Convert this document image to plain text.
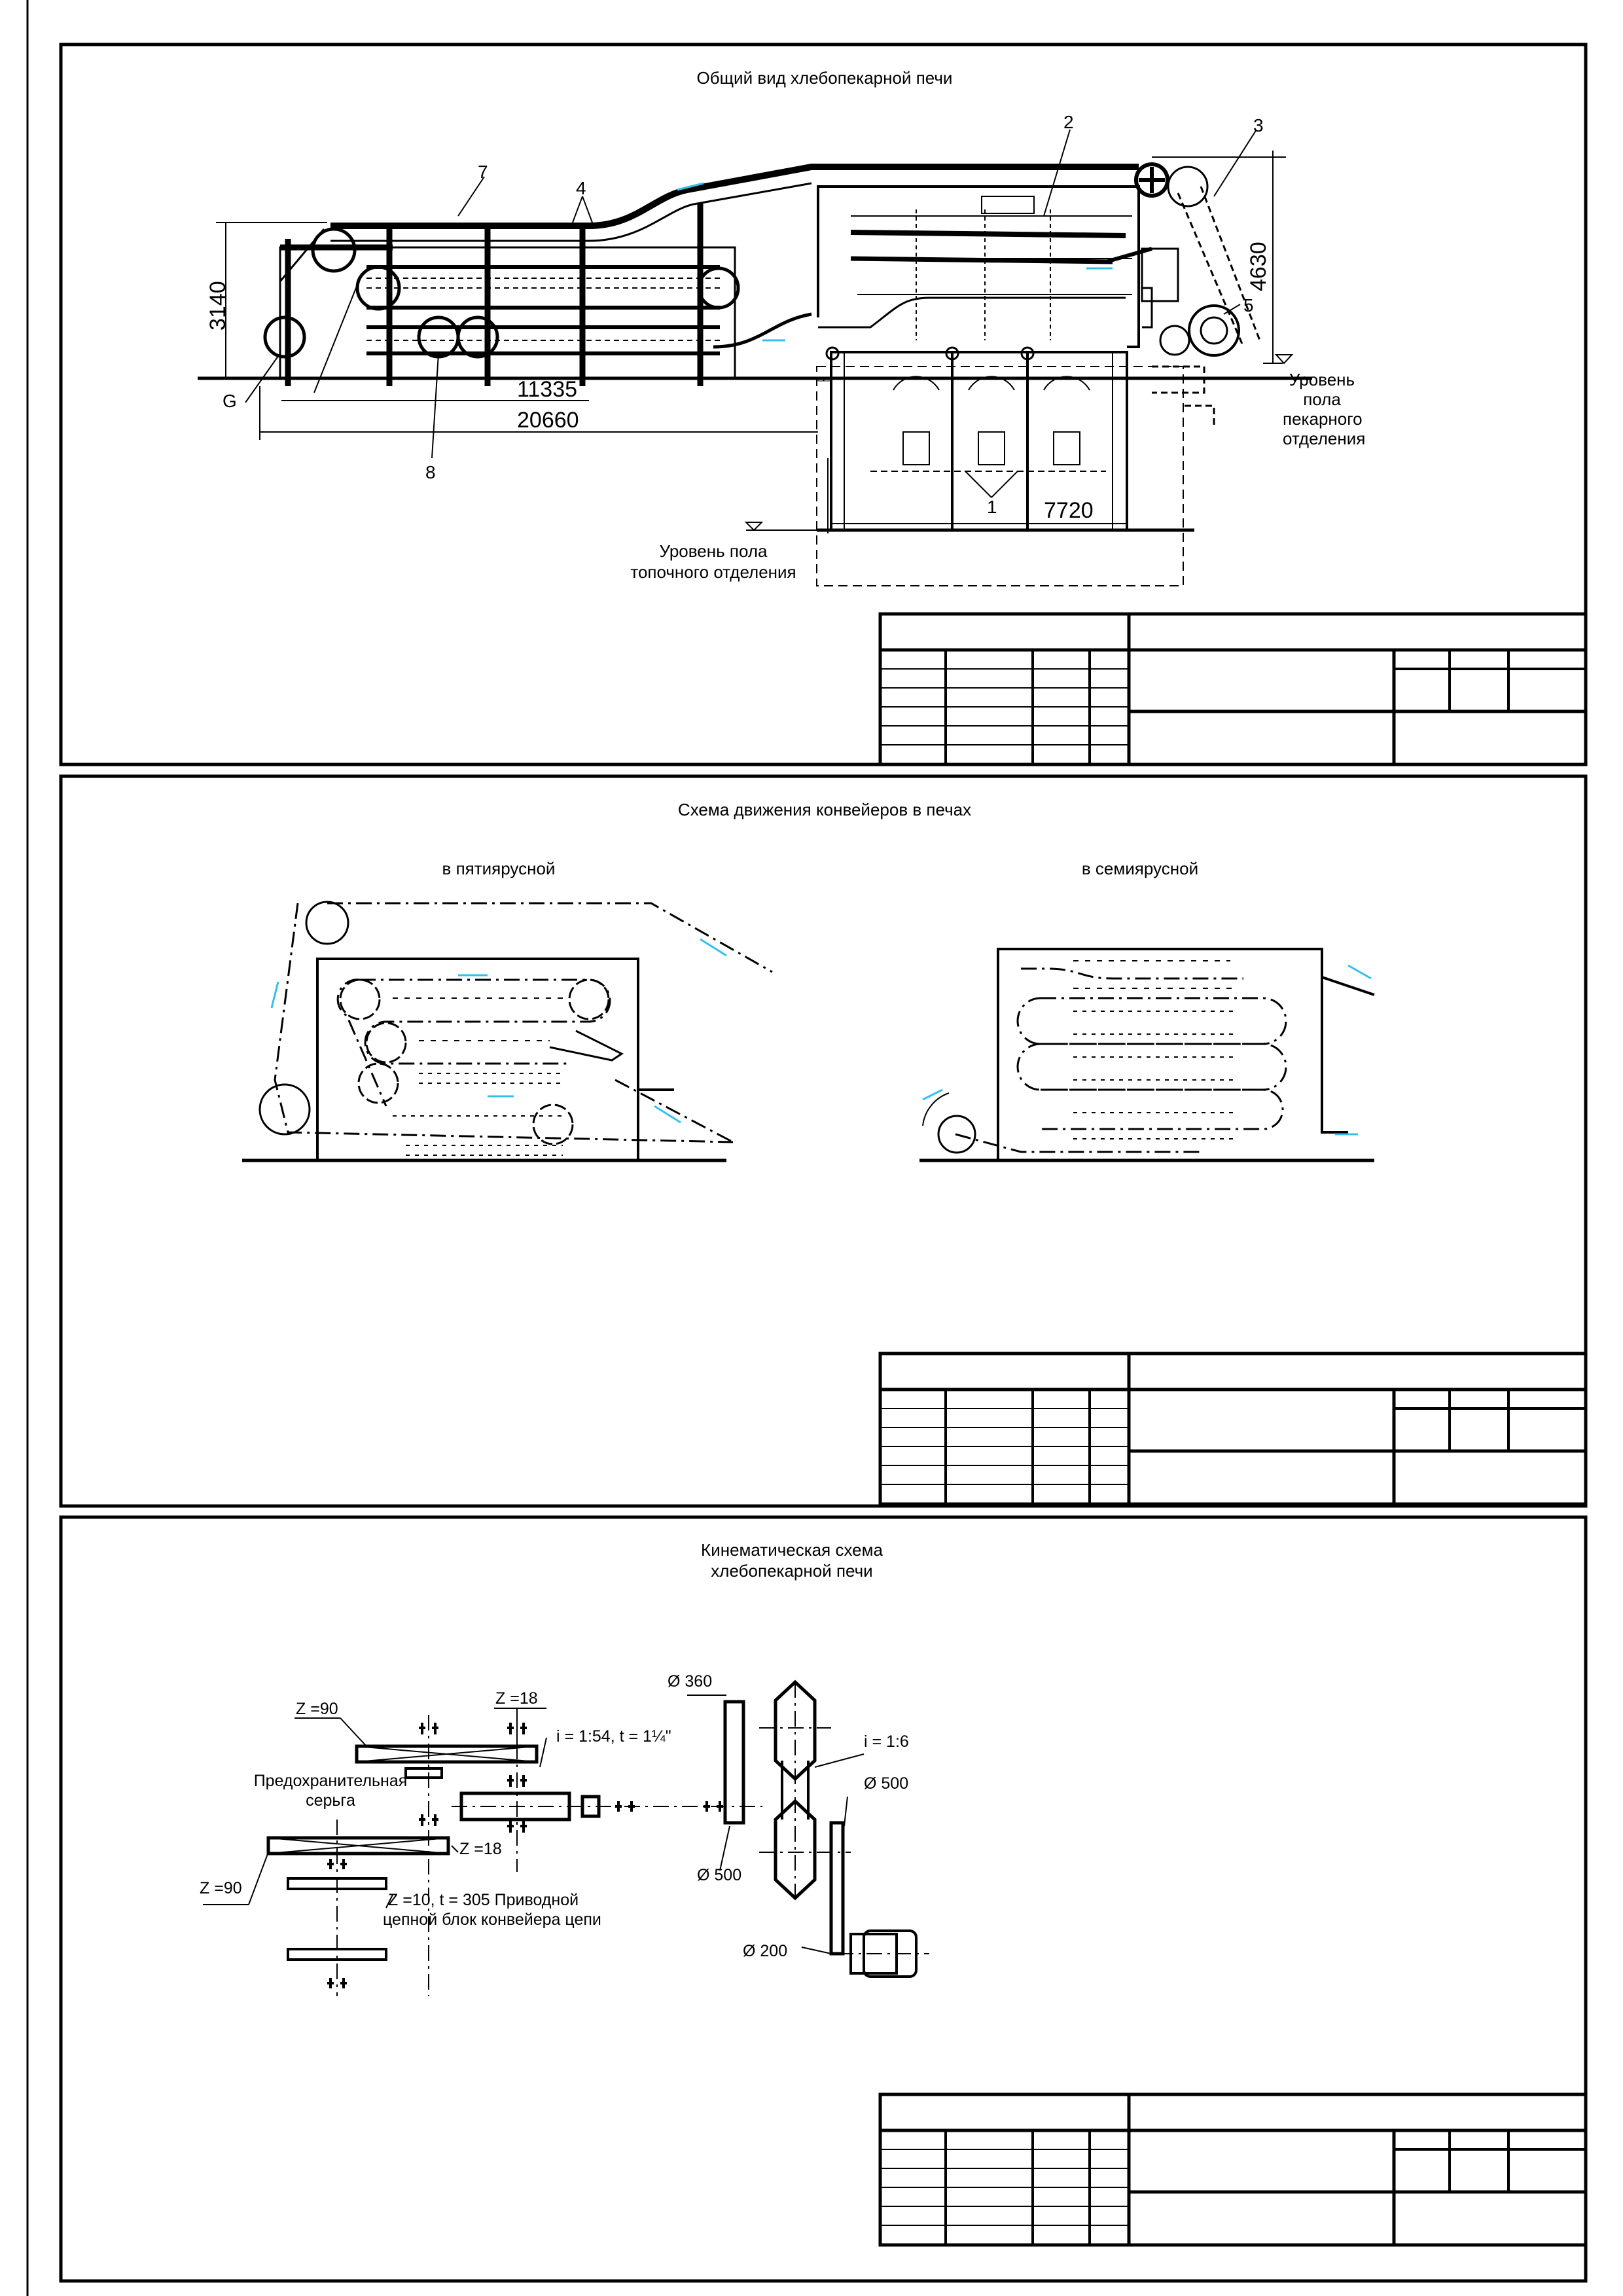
Общий вид хлебопекарной печи
7
4
2	3
5
8
G
1
3140
4630
11335
20660
7720
Уровень
пола
пекарного
отделения
Уровень пола
топочного отделения
Схема движения конвейеров в печах
в пятиярусной	в семиярусной
Кинематическая схема
хлебопекарной печи
Z =90
Z =18
i = 1:54, t = 1¼"
Предохранительная
серьга
Z =18
Z =90
Z =10, t = 305 Приводной
цепной блок конвейера цепи
Ø 360
i = 1:6
Ø 500
Ø 500
Ø 200
